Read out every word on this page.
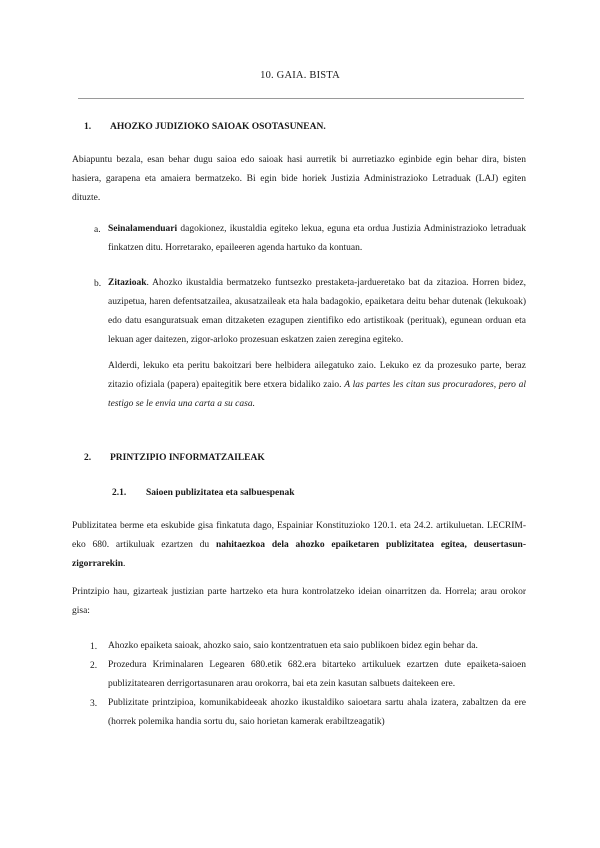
10. GAIA. BISTA
1. AHOZKO JUDIZIOKO SAIOAK OSOTASUNEAN.
Abiapuntu bezala, esan behar dugu saioa edo saioak hasi aurretik bi aurretiazko eginbide egin behar dira, bisten hasiera, garapena eta amaiera bermatzeko. Bi egin bide horiek Justizia Administrazioko Letraduak (LAJ) egiten dituzte.
a. Seinalamenduari dagokionez, ikustaldia egiteko lekua, eguna eta ordua Justizia Administrazioko letraduak finkatzen ditu. Horretarako, epaileeren agenda hartuko da kontuan.
b. Zitazioak. Ahozko ikustaldia bermatzeko funtsezko prestaketa-jardueretako bat da zitazioa. Horren bidez, auzipetua, haren defentsatzailea, akusatzaileak eta hala badagokio, epaiketara deitu behar dutenak (lekukoak) edo datu esanguratsuak eman ditzaketen ezagupen zientifiko edo artistikoak (perituak), egunean orduan eta lekuan ager daitezen, zigor-arloko prozesuan eskatzen zaien zeregina egiteko.
Alderdi, lekuko eta peritu bakoitzari bere helbidera ailegatuko zaio. Lekuko ez da prozesuko parte, beraz zitazio ofiziala (papera) epaitegitik bere etxera bidaliko zaio. A las partes les citan sus procuradores, pero al testigo se le envia una carta a su casa.
2. PRINTZIPIO INFORMATZAILEAK
2.1. Saioen publizitatea eta salbuespenak
Publizitatea berme eta eskubide gisa finkatuta dago, Espainiar Konstituzioko 120.1. eta 24.2. artikuluetan. LECRIM-eko 680. artikuluak ezartzen du nahitaezkoa dela ahozko epaiketaren publizitatea egitea, deusertasun-zigorrarekin.
Printzipio hau, gizarteak justizian parte hartzeko eta hura kontrolatzeko ideian oinarritzen da. Horrela; arau orokor gisa:
1. Ahozko epaiketa saioak, ahozko saio, saio kontzentratuen eta saio publikoen bidez egin behar da.
2. Prozedura Kriminalaren Legearen 680.etik 682.era bitarteko artikuluek ezartzen dute epaiketa-saioen publizitatearen derrigortasunaren arau orokorra, bai eta zein kasutan salbuets daitekeen ere.
3. Publizitate printzipioa, komunikabideeak ahozko ikustaldiko saioetara sartu ahala izatera, zabaltzen da ere (horrek polemika handia sortu du, saio horietan kamerak erabiltzeagatik)
